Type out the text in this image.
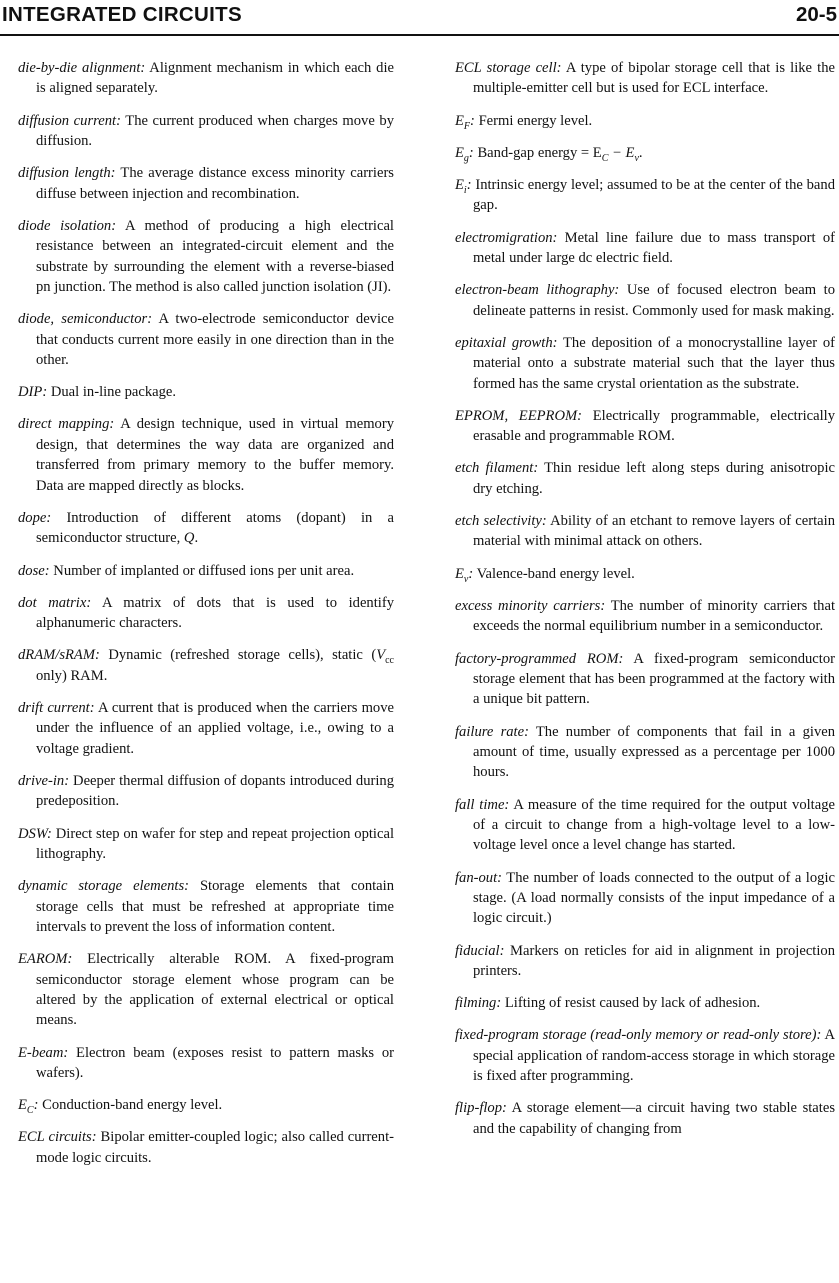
INTEGRATED CIRCUITS	20-5

die-by-die alignment: Alignment mechanism in which each die is aligned separately.

diffusion current: The current produced when charges move by diffusion.

diffusion length: The average distance excess minority carriers diffuse between injection and recombination.

diode isolation: A method of producing a high electrical resistance between an integrated-circuit element and the substrate by surrounding the element with a reverse-biased pn junction. The method is also called junction isolation (JI).

diode, semiconductor: A two-electrode semiconductor device that conducts current more easily in one direction than in the other.

DIP: Dual in-line package.

direct mapping: A design technique, used in virtual memory design, that determines the way data are organized and transferred from primary memory to the buffer memory. Data are mapped directly as blocks.

dope: Introduction of different atoms (dopant) in a semiconductor structure, Q.

dose: Number of implanted or diffused ions per unit area.

dot matrix: A matrix of dots that is used to identify alphanumeric characters.

dRAM/sRAM: Dynamic (refreshed storage cells), static ($V_{cc}$ only) RAM.

drift current: A current that is produced when the carriers move under the influence of an applied voltage, i.e., owing to a voltage gradient.

drive-in: Deeper thermal diffusion of dopants introduced during predeposition.

DSW: Direct step on wafer for step and repeat projection optical lithography.

dynamic storage elements: Storage elements that contain storage cells that must be refreshed at appropriate time intervals to prevent the loss of information content.

EAROM: Electrically alterable ROM. A fixed-program semiconductor storage element whose program can be altered by the application of external electrical or optical means.

E-beam: Electron beam (exposes resist to pattern masks or wafers).

$E_C$: Conduction-band energy level.

ECL circuits: Bipolar emitter-coupled logic; also called current-mode logic circuits.

ECL storage cell: A type of bipolar storage cell that is like the multiple-emitter cell but is used for ECL interface.

$E_F$: Fermi energy level.

$E_g$: Band-gap energy = $E_C - E_v$.

$E_i$: Intrinsic energy level; assumed to be at the center of the band gap.

electromigration: Metal line failure due to mass transport of metal under large dc electric field.

electron-beam lithography: Use of focused electron beam to delineate patterns in resist. Commonly used for mask making.

epitaxial growth: The deposition of a monocrystalline layer of material onto a substrate material such that the layer thus formed has the same crystal orientation as the substrate.

EPROM, EEPROM: Electrically programmable, electrically erasable and programmable ROM.

etch filament: Thin residue left along steps during anisotropic dry etching.

etch selectivity: Ability of an etchant to remove layers of certain material with minimal attack on others.

$E_v$: Valence-band energy level.

excess minority carriers: The number of minority carriers that exceeds the normal equilibrium number in a semiconductor.

factory-programmed ROM: A fixed-program semiconductor storage element that has been programmed at the factory with a unique bit pattern.

failure rate: The number of components that fail in a given amount of time, usually expressed as a percentage per 1000 hours.

fall time: A measure of the time required for the output voltage of a circuit to change from a high-voltage level to a low-voltage level once a level change has started.

fan-out: The number of loads connected to the output of a logic stage. (A load normally consists of the input impedance of a logic circuit.)

fiducial: Markers on reticles for aid in alignment in projection printers.

filming: Lifting of resist caused by lack of adhesion.

fixed-program storage (read-only memory or read-only store): A special application of random-access storage in which storage is fixed after programming.

flip-flop: A storage element—a circuit having two stable states and the capability of changing from
